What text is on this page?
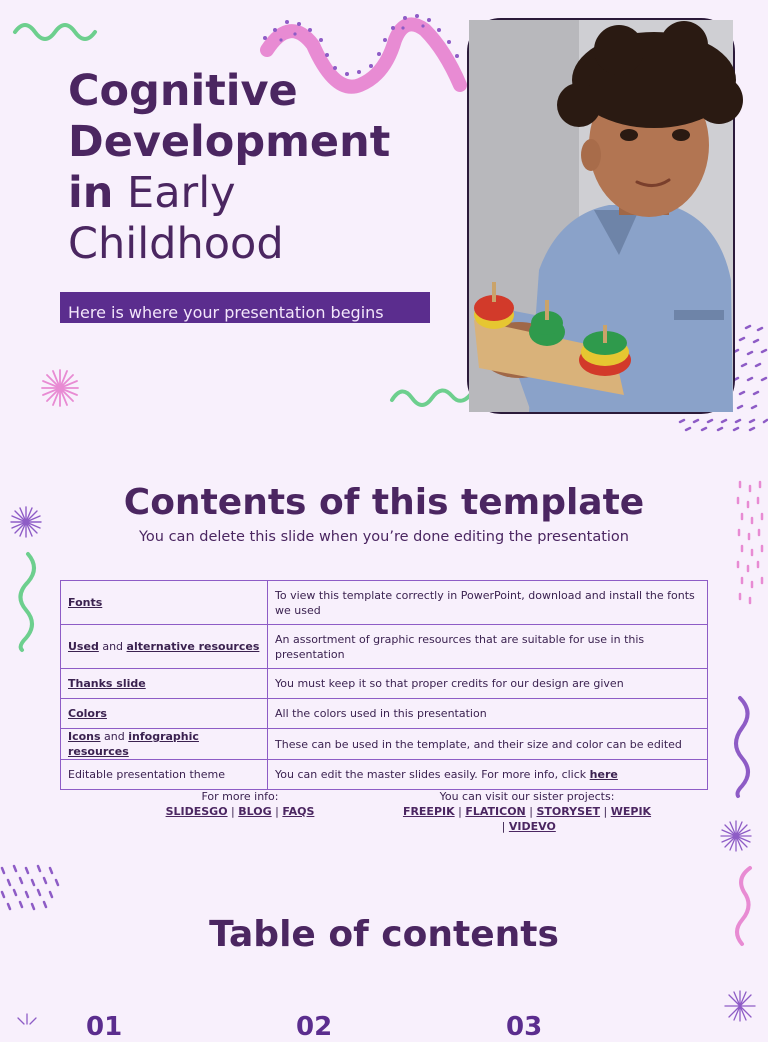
Cognitive
Development
in Early
Childhood
Here is where your presentation begins
Contents of this template
You can delete this slide when you’re done editing the presentation
Fonts	To view this template correctly in PowerPoint, download and install the fonts we used
Used and alternative resources	An assortment of graphic resources that are suitable for use in this presentation
Thanks slide	You must keep it so that proper credits for our design are given
Colors	All the colors used in this presentation
Icons and infographic resources	These can be used in the template, and their size and color can be edited
Editable presentation theme	You can edit the master slides easily. For more info, click here
For more info:
SLIDESGO | BLOG | FAQS
You can visit our sister projects:
FREEPIK | FLATICON | STORYSET | WEPIK | VIDEVO
Table of contents
01	02	03
